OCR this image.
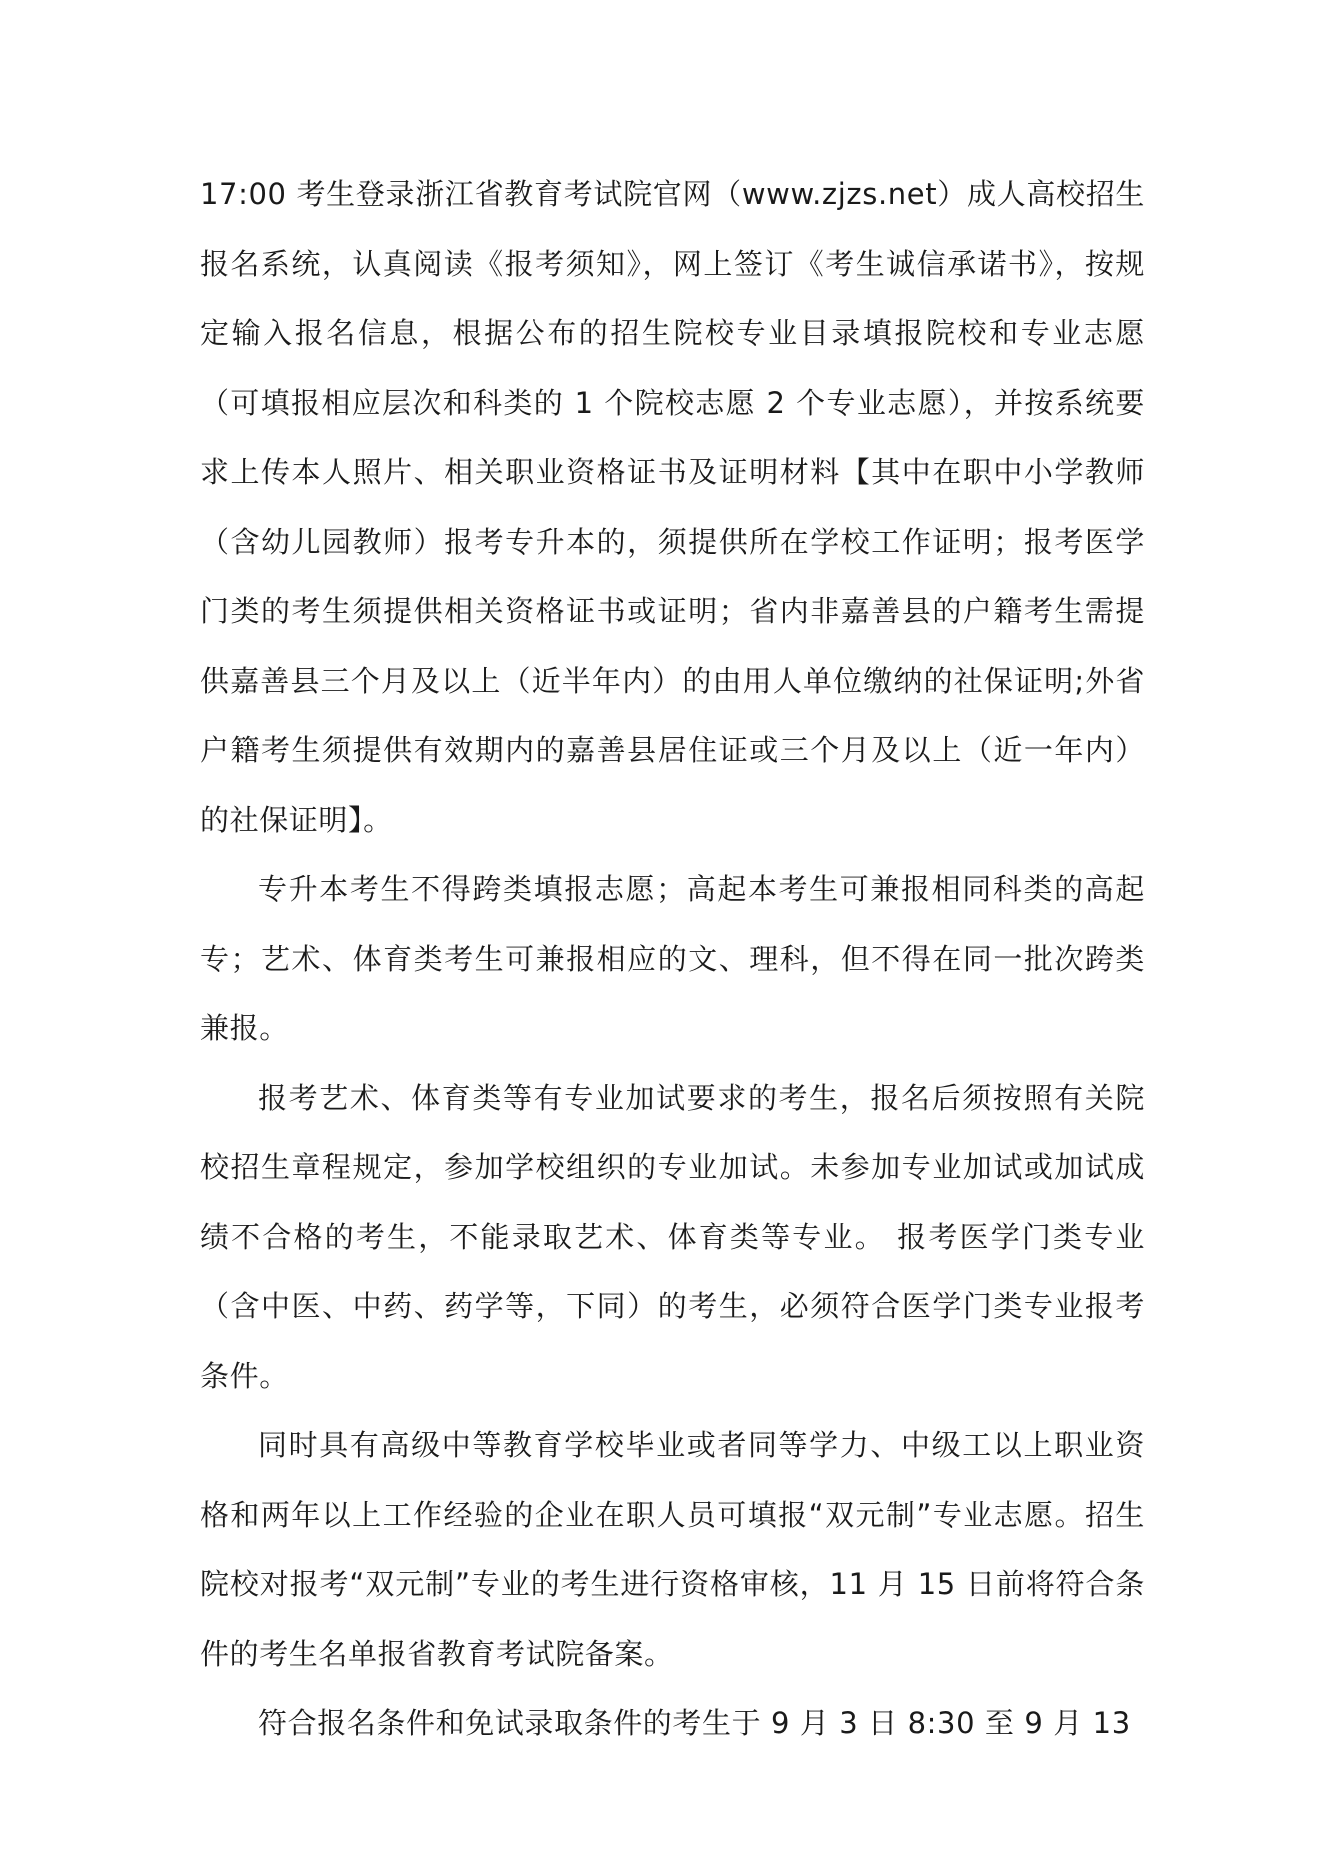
17:00 考生登录浙江省教育考试院官网（www.zjzs.net）成人高校招生报名系统，认真阅读《报考须知》，网上签订《考生诚信承诺书》，按规定输入报名信息，根据公布的招生院校专业目录填报院校和专业志愿（可填报相应层次和科类的 1 个院校志愿 2 个专业志愿），并按系统要求上传本人照片、相关职业资格证书及证明材料【其中在职中小学教师（含幼儿园教师）报考专升本的，须提供所在学校工作证明；报考医学门类的考生须提供相关资格证书或证明；省内非嘉善县的户籍考生需提供嘉善县三个月及以上（近半年内）的由用人单位缴纳的社保证明;外省户籍考生须提供有效期内的嘉善县居住证或三个月及以上（近一年内）的社保证明】。

专升本考生不得跨类填报志愿；高起本考生可兼报相同科类的高起专；艺术、体育类考生可兼报相应的文、理科，但不得在同一批次跨类兼报。

报考艺术、体育类等有专业加试要求的考生，报名后须按照有关院校招生章程规定，参加学校组织的专业加试。未参加专业加试或加试成绩不合格的考生，不能录取艺术、体育类等专业。 报考医学门类专业（含中医、中药、药学等，下同）的考生，必须符合医学门类专业报考条件。

同时具有高级中等教育学校毕业或者同等学力、中级工以上职业资格和两年以上工作经验的企业在职人员可填报“双元制”专业志愿。招生院校对报考“双元制”专业的考生进行资格审核，11 月 15 日前将符合条件的考生名单报省教育考试院备案。

符合报名条件和免试录取条件的考生于 9 月 3 日 8:30 至 9 月 13
